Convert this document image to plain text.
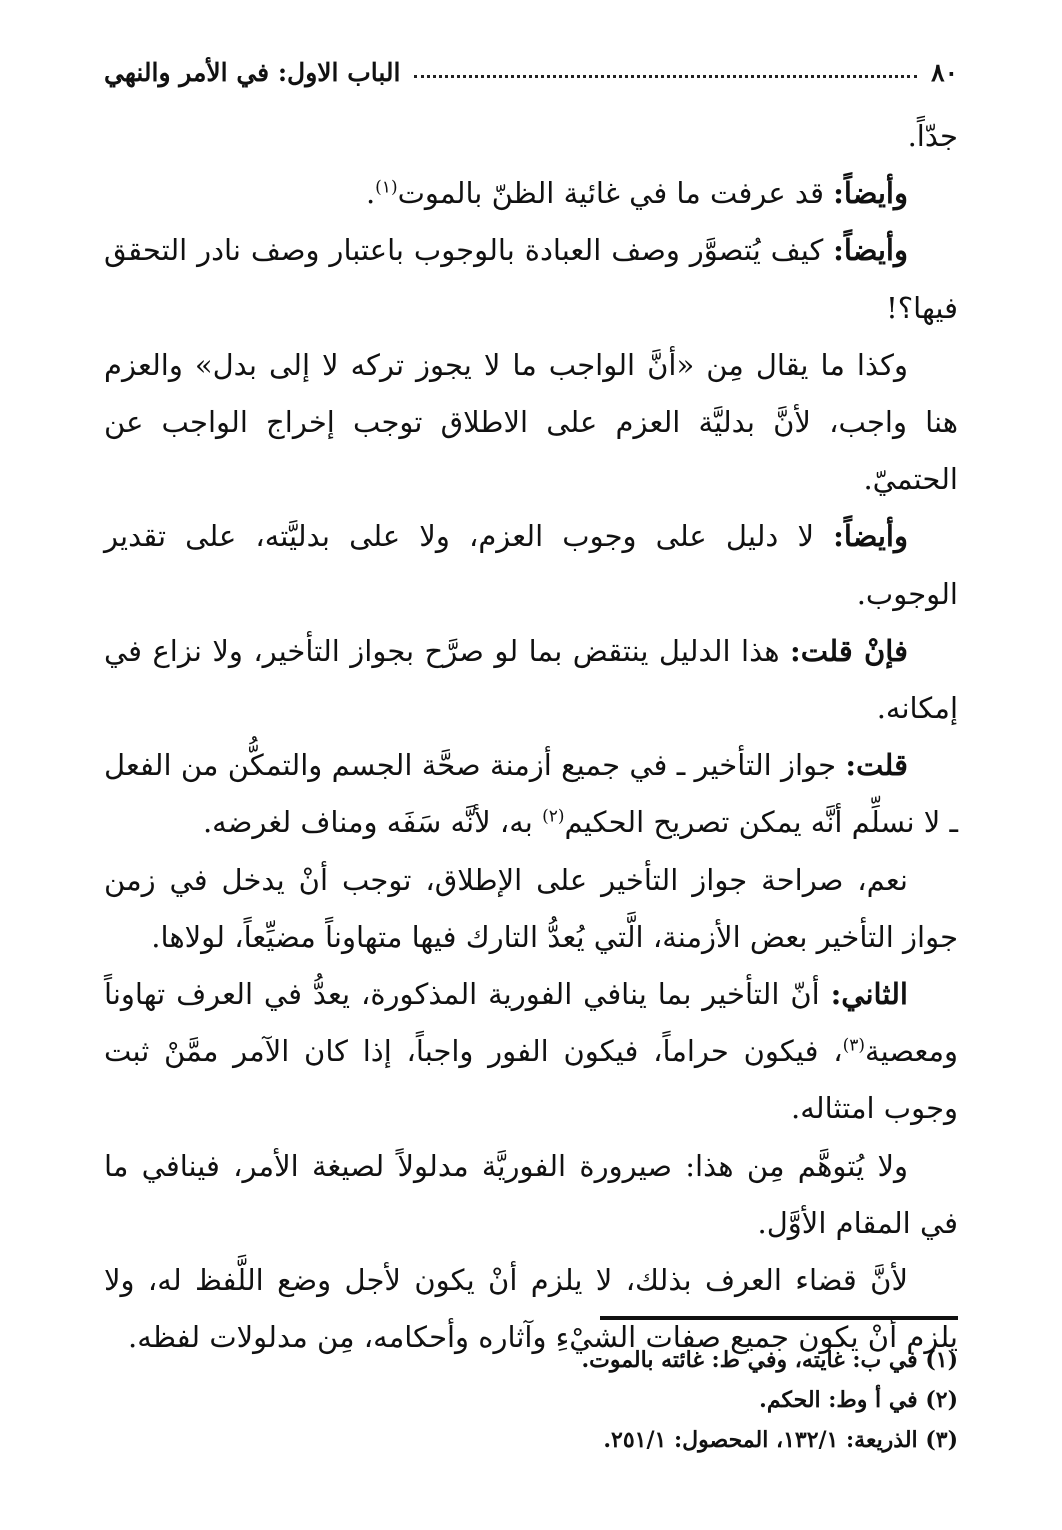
٨٠
الباب الاول: في الأمر والنهي

جدّاً.

وأيضاً: قد عرفت ما في غائية الظنّ بالموت$^{(١)}$.

وأيضاً: كيف يُتصوَّر وصف العبادة بالوجوب باعتبار وصف نادر التحقق فيها؟!

وكذا ما يقال مِن «أنَّ الواجب ما لا يجوز تركه لا إلى بدل» والعزم هنا واجب، لأنَّ بدليَّة العزم على الاطلاق توجب إخراج الواجب عن الحتميّ.

وأيضاً: لا دليل على وجوب العزم، ولا على بدليَّته، على تقدير الوجوب.

فإنْ قلت: هذا الدليل ينتقض بما لو صرَّح بجواز التأخير، ولا نزاع في إمكانه.

قلت: جواز التأخير ـ في جميع أزمنة صحَّة الجسم والتمكُّن من الفعل ـ لا نسلِّم أنَّه يمكن تصريح الحكيم$^{(٢)}$ به، لأنَّه سَفَه ومناف لغرضه.

نعم، صراحة جواز التأخير على الإطلاق، توجب أنْ يدخل في زمن جواز التأخير بعض الأزمنة، الَّتي يُعدُّ التارك فيها متهاوناً مضيِّعاً، لولاها.

الثاني: أنّ التأخير بما ينافي الفورية المذكورة، يعدُّ في العرف تهاوناً ومعصية$^{(٣)}$، فيكون حراماً، فيكون الفور واجباً، إذا كان الآمر ممَّنْ ثبت وجوب امتثاله.

ولا يُتوهَّم مِن هذا: صيرورة الفوريَّة مدلولاً لصيغة الأمر، فينافي ما في المقام الأوَّل.

لأنَّ قضاء العرف بذلك، لا يلزم أنْ يكون لأجل وضع اللَّفظ له، ولا يلزم أنْ يكون جميع صفات الشيْءِ وآثاره وأحكامه، مِن مدلولات لفظه.

(١) في ب: غايته، وفي ط: غائته بالموت.
(٢) في أ وط: الحكم.
(٣) الذريعة: ١٣٢/١، المحصول: ٢٥١/١.
